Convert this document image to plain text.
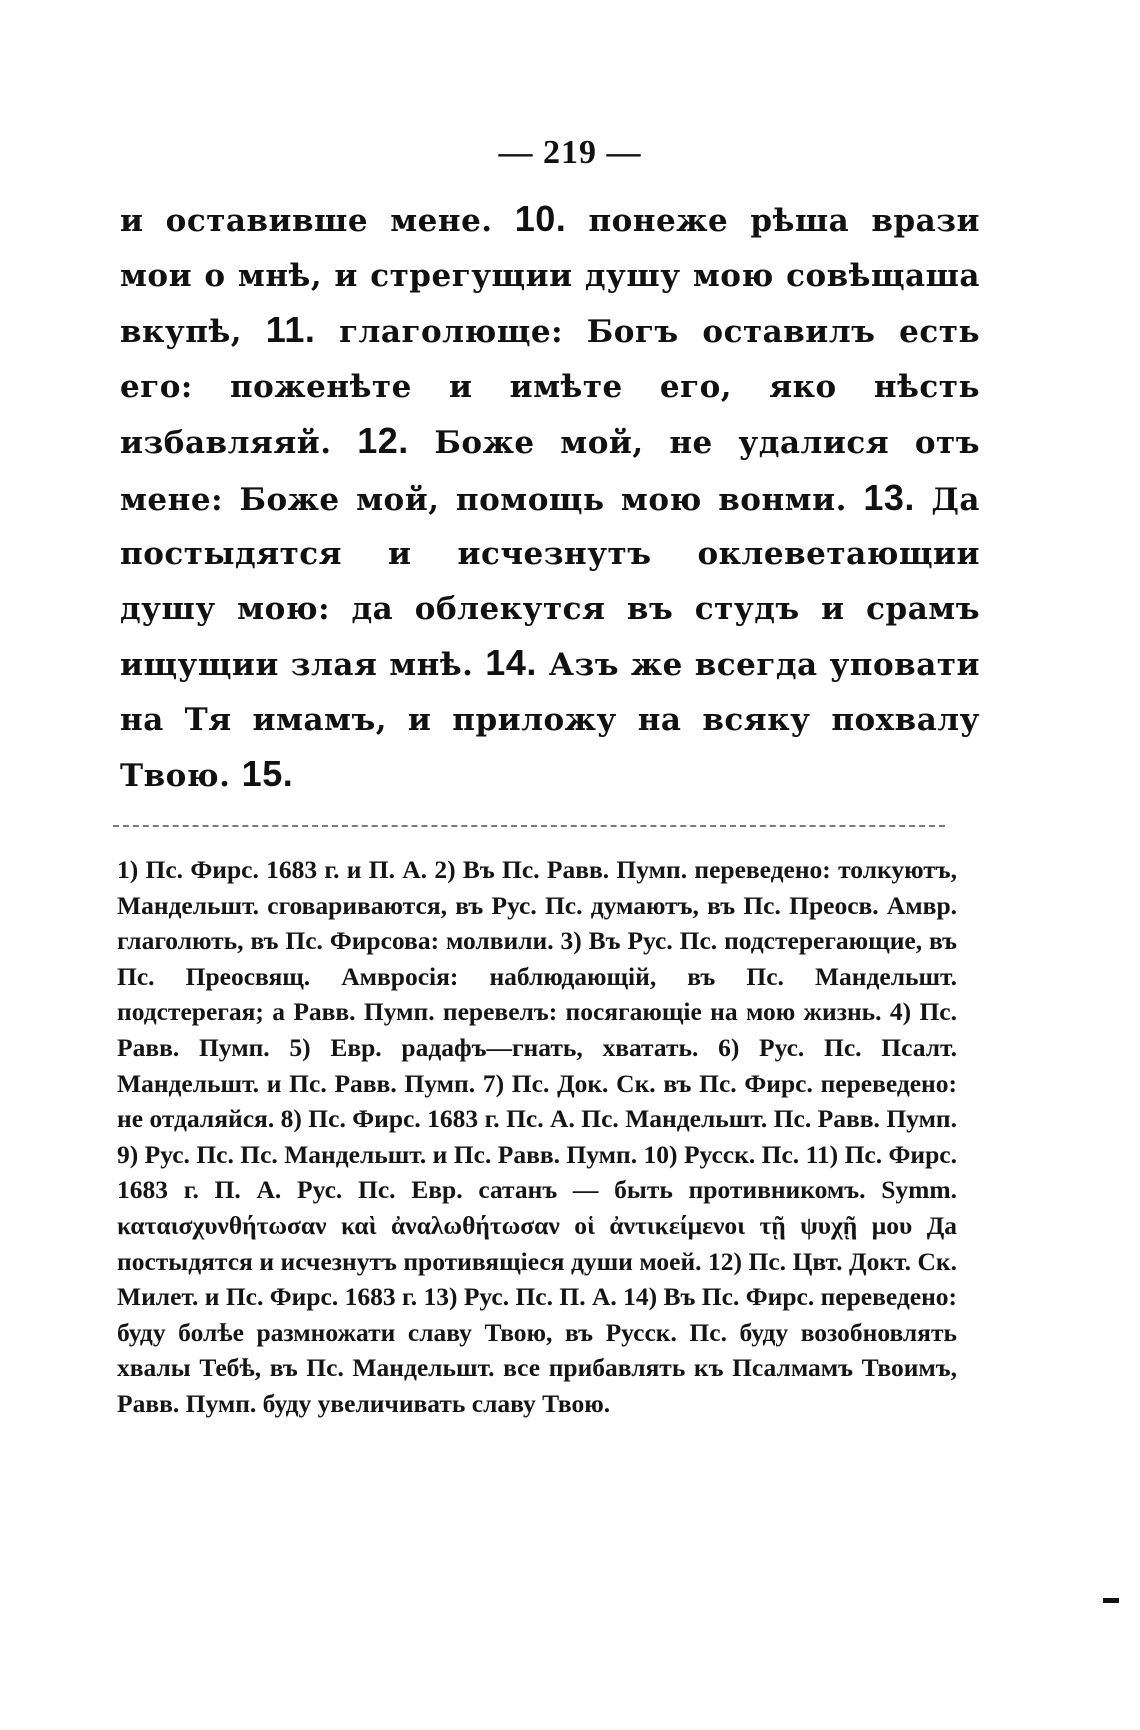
— 219 —

и оставивше мене. 10. понеже рѣша врази мои о мнѣ, и стрегущии душу мою совѣщаша вкупѣ, 11. глаголюще: Богъ оставилъ есть его: поженѣте и имѣте его, яко нѣсть избавляяй. 12. Боже мой, не удалися отъ мене: Боже мой, помощь мою вонми. 13. Да постыдятся и исчезнутъ оклеветающии душу мою: да облекутся въ студъ и срамъ ищущии злая мнѣ. 14. Азъ же всегда уповати на Тя имамъ, и приложу на всяку похвалу Твою. 15.

1) Пс. Фирс. 1683 г. и П. А. 2) Въ Пс. Равв. Пумп. переведено: толкуютъ, Мандельшт. сговариваются, въ Рус. Пс. думаютъ, въ Пс. Преосв. Амвр. глаголють, въ Пс. Фирсова: молвили. 3) Въ Рус. Пс. подстерегающие, въ Пс. Преосвящ. Амвросiя: наблюдающiй, въ Пс. Мандельшт. подстерегая; а Равв. Пумп. перевелъ: посягающiе на мою жизнь. 4) Пс. Равв. Пумп. 5) Евр. радафъ—гнать, хватать. 6) Рус. Пс. Псалт. Мандельшт. и Пс. Равв. Пумп. 7) Пс. Док. Ск. въ Пс. Фирс. переведено: не отдаляйся. 8) Пс. Фирс. 1683 г. Пс. А. Пс. Мандельшт. Пс. Равв. Пумп. 9) Рус. Пс. Пс. Мандельшт. и Пс. Равв. Пумп. 10) Русск. Пс. 11) Пс. Фирс. 1683 г. П. А. Рус. Пс. Евр. сатанъ — быть противникомъ. Symm. καταισχυνθήτωσαν καὶ ἀναλωθήτωσαν οἱ ἀντικείμενοι τῇ ψυχῇ μου Да постыдятся и исчезнутъ противящiеся души моей. 12) Пс. Цвт. Докт. Ск. Милет. и Пс. Фирс. 1683 г. 13) Рус. Пс. П. А. 14) Въ Пс. Фирс. переведено: буду болѣе размножати славу Твою, въ Русск. Пс. буду возобновлять хвалы Тебѣ, въ Пс. Мандельшт. все прибавлять къ Псалмамъ Твоимъ, Равв. Пумп. буду увеличивать славу Твою.
